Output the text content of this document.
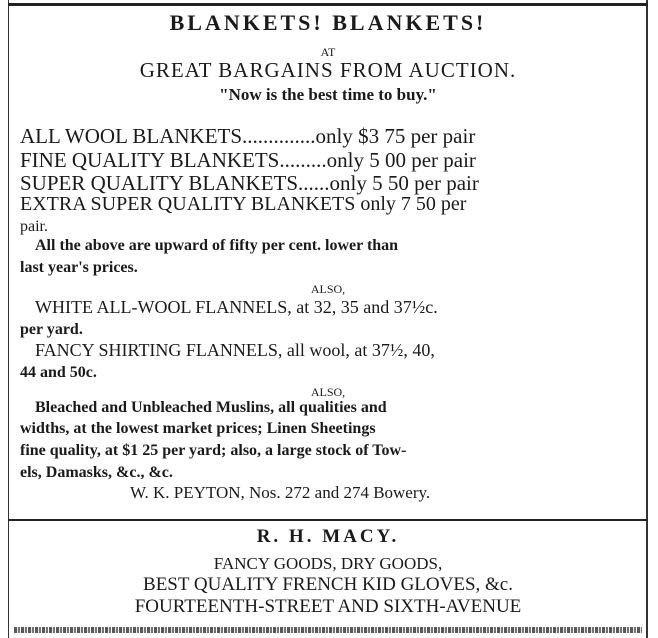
BLANKETS! BLANKETS!
AT
GREAT BARGAINS FROM AUCTION.
"Now is the best time to buy."
ALL WOOL BLANKETS..............only $3 75 per pair
FINE QUALITY BLANKETS.........only 5 00 per pair
SUPER QUALITY BLANKETS......only 5 50 per pair
EXTRA SUPER QUALITY BLANKETS only 7 50 per
pair.
All the above are upward of fifty per cent. lower than
last year's prices.
ALSO,
WHITE ALL-WOOL FLANNELS, at 32, 35 and 37½c.
per yard.
FANCY SHIRTING FLANNELS, all wool, at 37½, 40,
44 and 50c.
ALSO,
Bleached and Unbleached Muslins, all qualities and
widths, at the lowest market prices; Linen Sheetings
fine quality, at $1 25 per yard; also, a large stock of Tow-
els, Damasks, &c., &c.
W. K. PEYTON, Nos. 272 and 274 Bowery.
R. H. MACY.
FANCY GOODS, DRY GOODS,
BEST QUALITY FRENCH KID GLOVES, &c.
FOURTEENTH-STREET AND SIXTH-AVENUE
